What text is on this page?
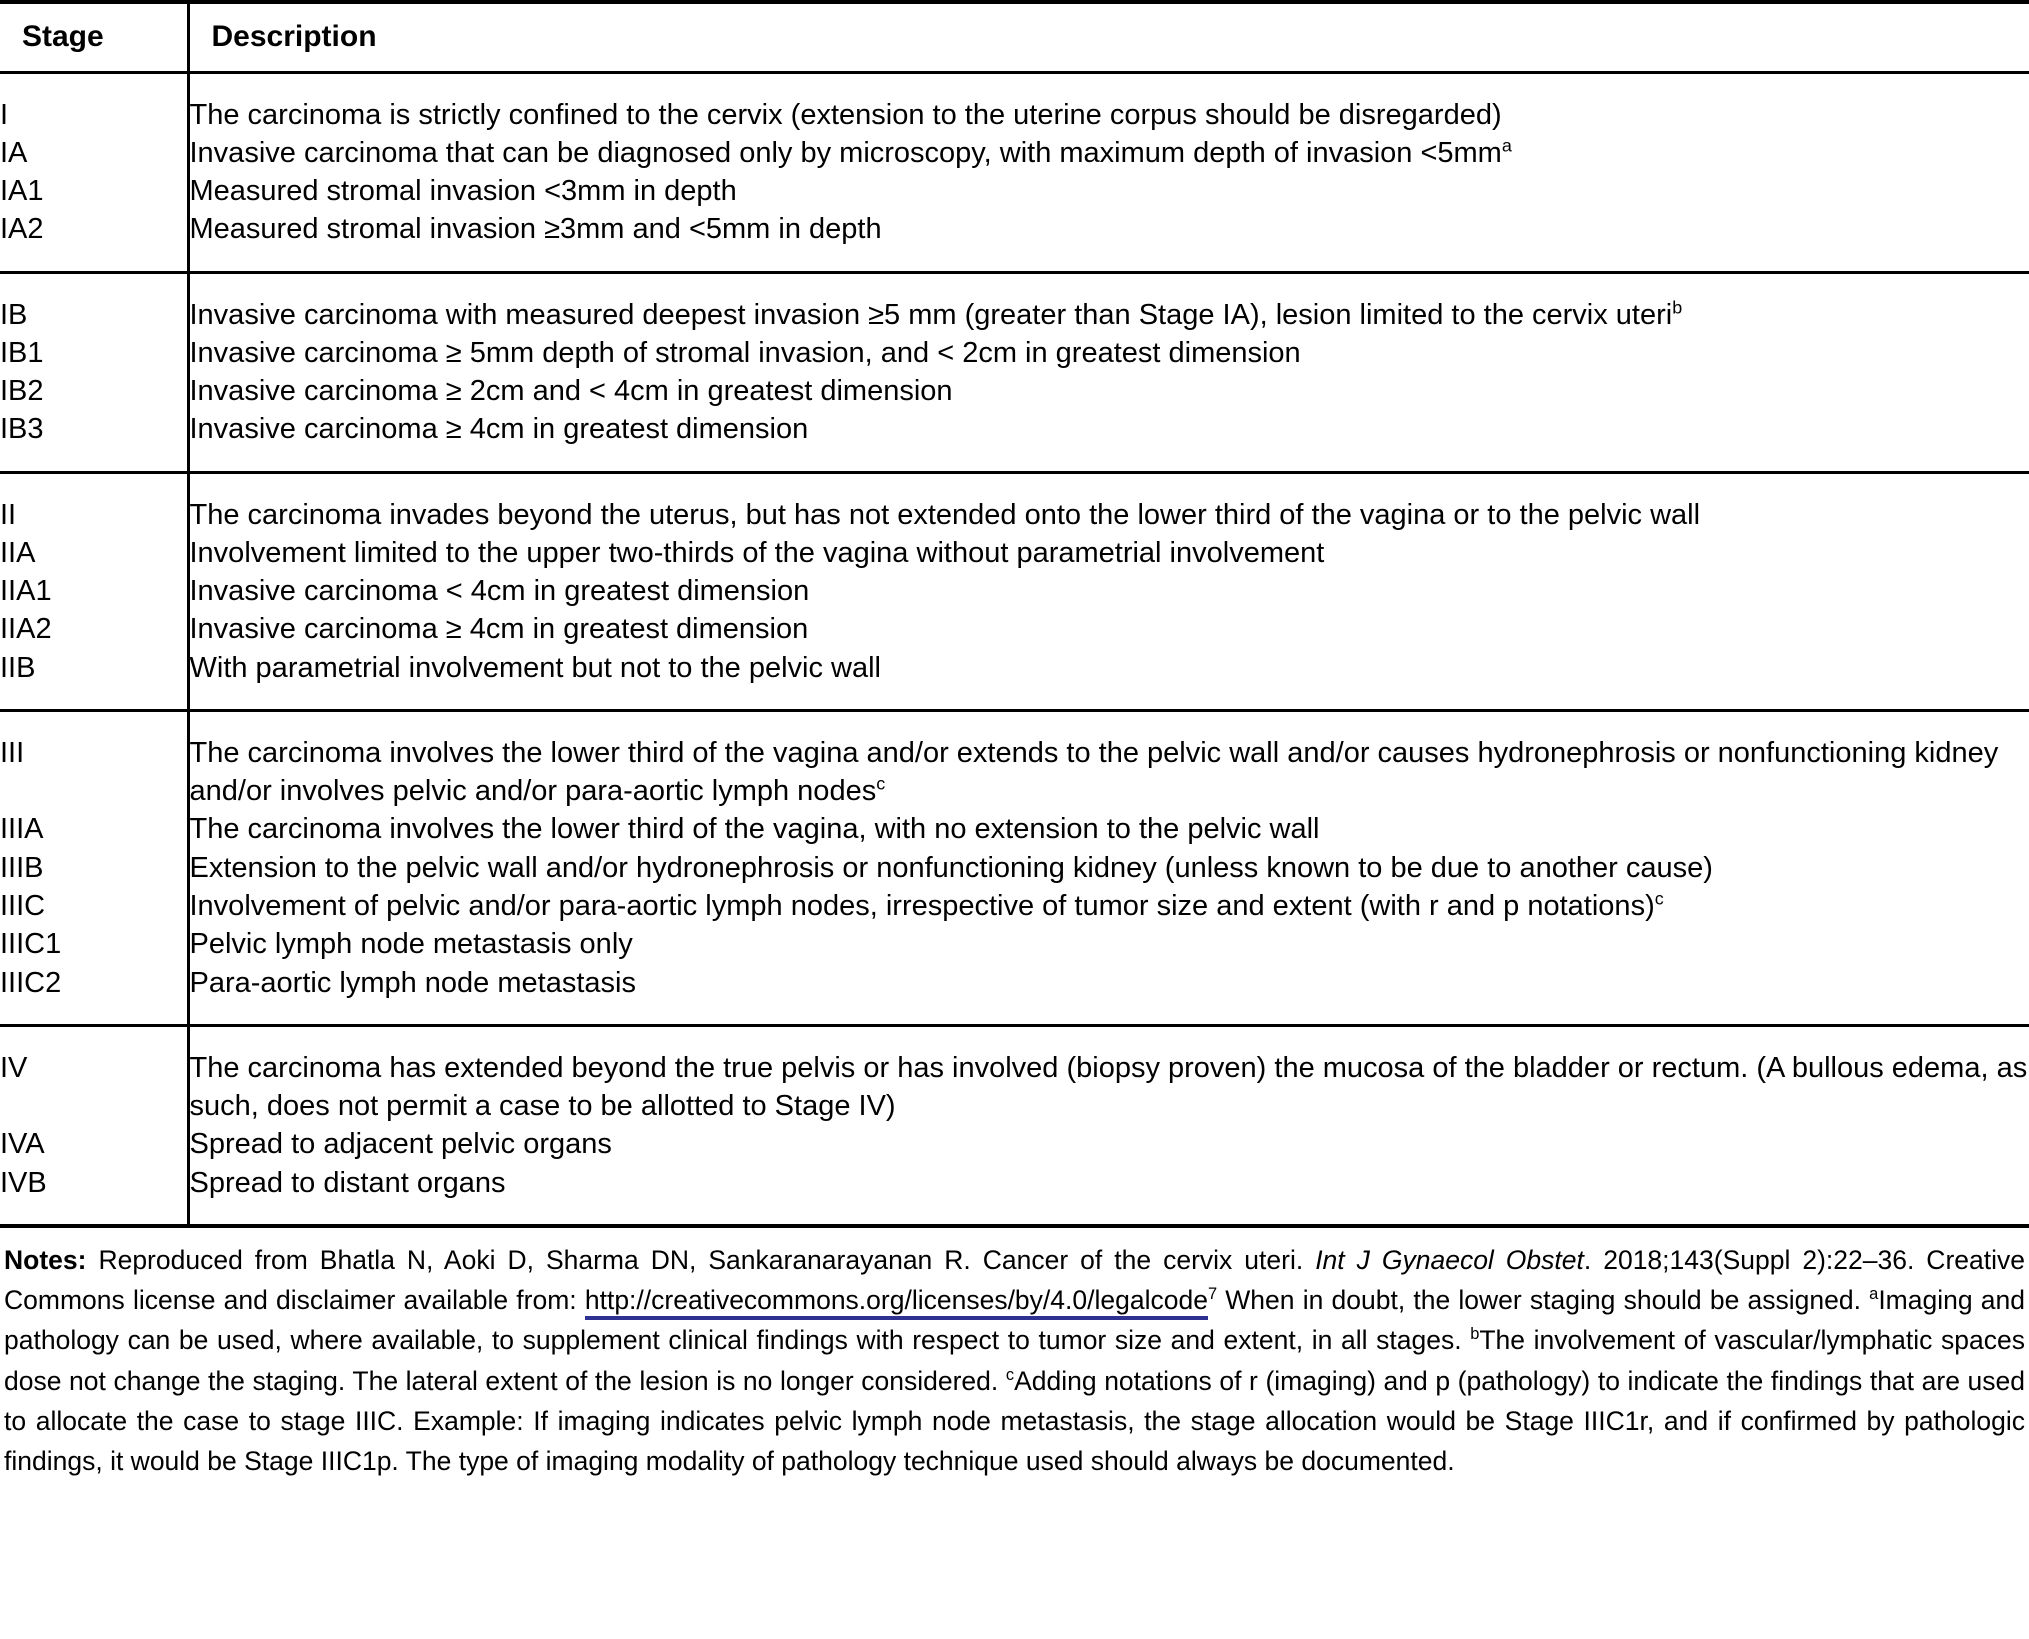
Stage	Description
I	The carcinoma is strictly confined to the cervix (extension to the uterine corpus should be disregarded)
IA	Invasive carcinoma that can be diagnosed only by microscopy, with maximum depth of invasion $<5mm^a$
IA1	Measured stromal invasion <3mm in depth
IA2	Measured stromal invasion ≥3mm and <5mm in depth
IB	Invasive carcinoma with measured deepest invasion ≥5 mm (greater than Stage IA), lesion limited to the cervix uteri$^b$
IB1	Invasive carcinoma ≥ 5mm depth of stromal invasion, and < 2cm in greatest dimension
IB2	Invasive carcinoma ≥ 2cm and < 4cm in greatest dimension
IB3	Invasive carcinoma ≥ 4cm in greatest dimension
II	The carcinoma invades beyond the uterus, but has not extended onto the lower third of the vagina or to the pelvic wall
IIA	Involvement limited to the upper two-thirds of the vagina without parametrial involvement
IIA1	Invasive carcinoma < 4cm in greatest dimension
IIA2	Invasive carcinoma ≥ 4cm in greatest dimension
IIB	With parametrial involvement but not to the pelvic wall
III	The carcinoma involves the lower third of the vagina and/or extends to the pelvic wall and/or causes hydronephrosis or nonfunctioning kidney and/or involves pelvic and/or para-aortic lymph nodes$^c$
IIIA	The carcinoma involves the lower third of the vagina, with no extension to the pelvic wall
IIIB	Extension to the pelvic wall and/or hydronephrosis or nonfunctioning kidney (unless known to be due to another cause)
IIIC	Involvement of pelvic and/or para-aortic lymph nodes, irrespective of tumor size and extent (with r and p notations)$^c$
IIIC1	Pelvic lymph node metastasis only
IIIC2	Para-aortic lymph node metastasis
IV	The carcinoma has extended beyond the true pelvis or has involved (biopsy proven) the mucosa of the bladder or rectum. (A bullous edema, as such, does not permit a case to be allotted to Stage IV)
IVA	Spread to adjacent pelvic organs
IVB	Spread to distant organs
Notes: Reproduced from Bhatla N, Aoki D, Sharma DN, Sankaranarayanan R. Cancer of the cervix uteri. Int J Gynaecol Obstet. 2018;143(Suppl 2):22–36. Creative Commons license and disclaimer available from: http://creativecommons.org/licenses/by/4.0/legalcode$^7$ When in doubt, the lower staging should be assigned. $^a$Imaging and pathology can be used, where available, to supplement clinical findings with respect to tumor size and extent, in all stages. $^b$The involvement of vascular/lymphatic spaces dose not change the staging. The lateral extent of the lesion is no longer considered. $^c$Adding notations of r (imaging) and p (pathology) to indicate the findings that are used to allocate the case to stage IIIC. Example: If imaging indicates pelvic lymph node metastasis, the stage allocation would be Stage IIIC1r, and if confirmed by pathologic findings, it would be Stage IIIC1p. The type of imaging modality of pathology technique used should always be documented.
